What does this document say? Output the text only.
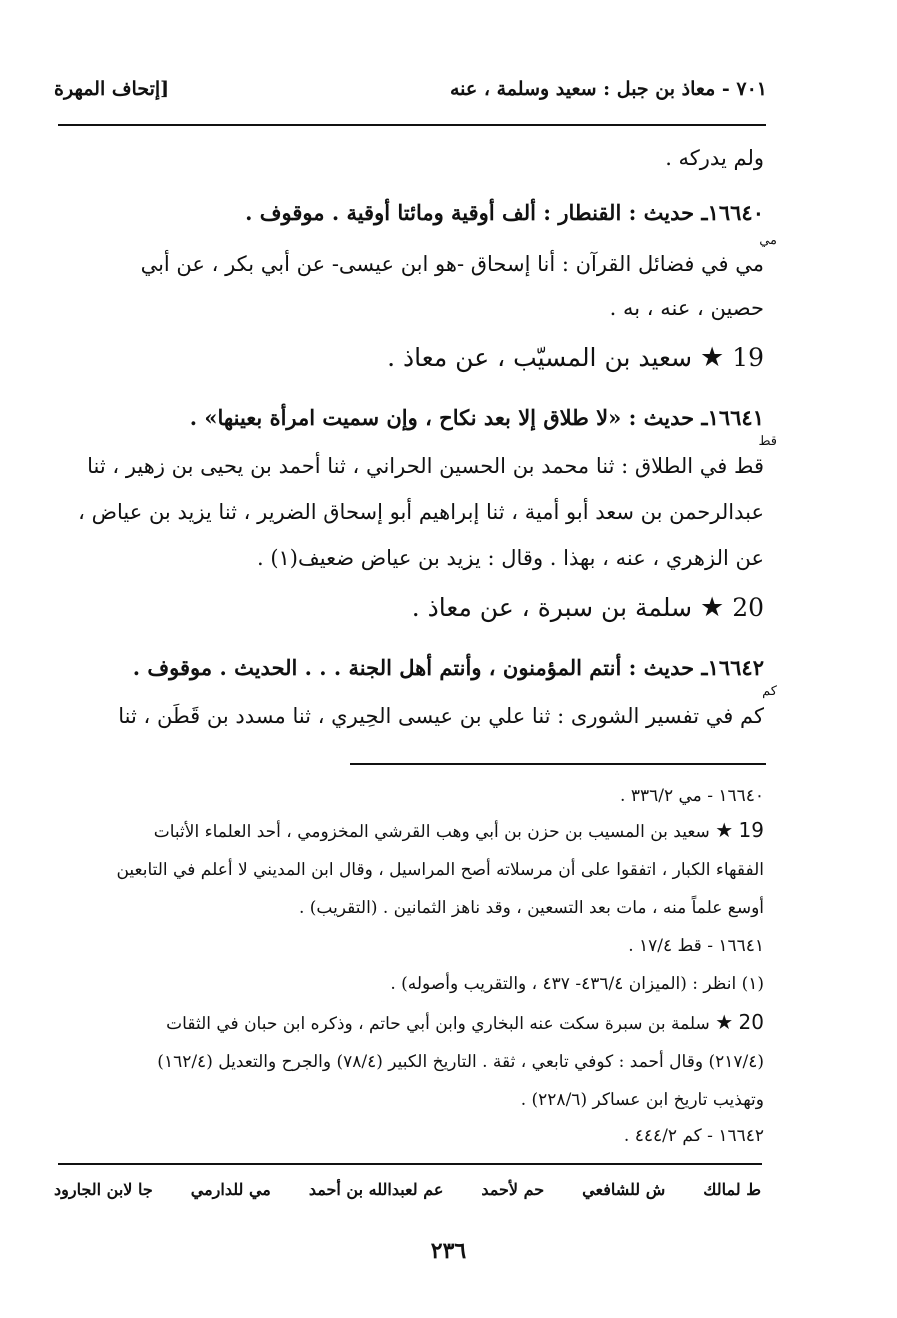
٧٠١ - معاذ بن جبل : سعيد وسلمة ، عنه
[إتحاف المهرة
ولم يدركه .
١٦٦٤٠ـ حديث : القنطار : ألف أوقية ومائتا أوقية . موقوف .
مي
مي في فضائل القرآن : أنا إسحاق -هو ابن عيسى- عن أبي بكر ، عن أبي
حصين ، عنه ، به .
19 ★ سعيد بن المسيّب ، عن معاذ .
١٦٦٤١ـ حديث : «لا طلاق إلا بعد نكاح ، وإن سميت امرأة بعينها» .
قط
قط في الطلاق : ثنا محمد بن الحسين الحراني ، ثنا أحمد بن يحيى بن زهير ، ثنا
عبدالرحمن بن سعد أبو أمية ، ثنا إبراهيم أبو إسحاق الضرير ، ثنا يزيد بن عياض ،
عن الزهري ، عنه ، بهذا . وقال : يزيد بن عياض ضعيف(١) .
20 ★ سلمة بن سبرة ، عن معاذ .
١٦٦٤٢ـ حديث : أنتم المؤمنون ، وأنتم أهل الجنة . . . الحديث . موقوف .
كم
كم في تفسير الشورى : ثنا علي بن عيسى الحِيري ، ثنا مسدد بن قَطَن ، ثنا
١٦٦٤٠ - مي ٣٣٦/٢ .
19 ★ سعيد بن المسيب بن حزن بن أبي وهب القرشي المخزومي ، أحد العلماء الأثبات
الفقهاء الكبار ، اتفقوا على أن مرسلاته أصح المراسيل ، وقال ابن المديني لا أعلم في التابعين
أوسع علماً منه ، مات بعد التسعين ، وقد ناهز الثمانين . (التقريب) .
١٦٦٤١ - قط ١٧/٤ .
(١) انظر : (الميزان ٤٣٦/٤- ٤٣٧ ، والتقريب وأصوله) .
20 ★ سلمة بن سبرة سكت عنه البخاري وابن أبي حاتم ، وذكره ابن حبان في الثقات
(٢١٧/٤) وقال أحمد : كوفي تابعي ، ثقة . التاريخ الكبير (٧٨/٤) والجرح والتعديل (١٦٢/٤)
وتهذيب تاريخ ابن عساكر (٢٢٨/٦) .
١٦٦٤٢ - كم ٤٤٤/٢ .
ط لمالك
ش للشافعي
حم لأحمد
عم لعبدالله بن أحمد
مي للدارمي
جا لابن الجارود
٢٣٦
